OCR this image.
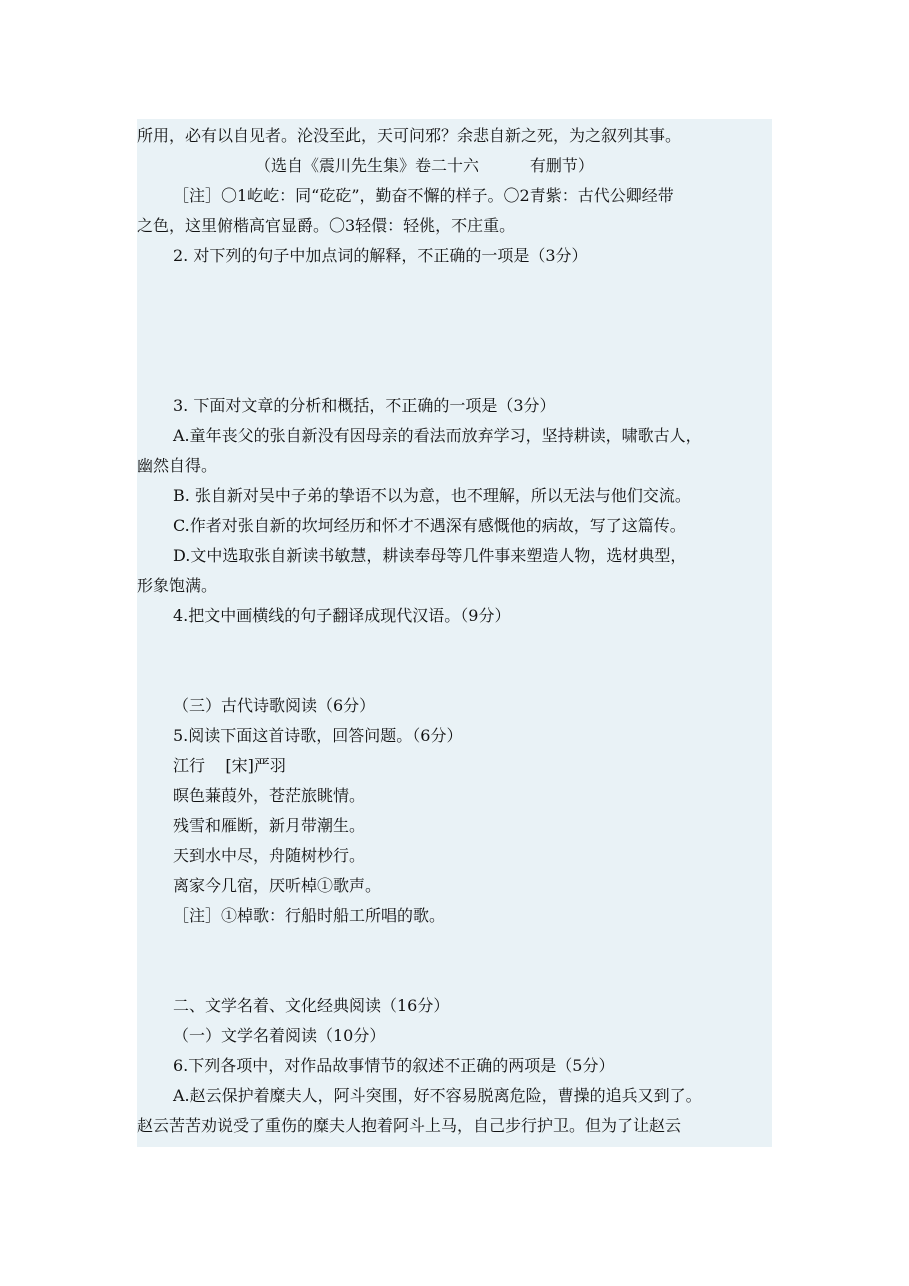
所用，必有以自见者。沦没至此，天可问邪？余悲自新之死，为之叙列其事。
（选自《震川先生集》卷二十六          有删节）
［注］〇1屹屹：同“矻矻”，勤奋不懈的样子。〇2青紫：古代公卿经带
之色，这里俯楷高官显爵。〇3轻儇：轻佻，不庄重。
2. 对下列的句子中加点词的解释，不正确的一项是（3分）

3. 下面对文章的分析和概括，不正确的一项是（3分）
A.童年丧父的张自新没有因母亲的看法而放弃学习，坚持耕读，啸歌古人，
幽然自得。
B. 张自新对吴中子弟的挚语不以为意，也不理解，所以无法与他们交流。
C.作者对张自新的坎坷经历和怀才不遇深有感慨他的病故，写了这篇传。
D.文中选取张自新读书敏慧，耕读奉母等几件事来塑造人物，选材典型，
形象饱满。
4.把文中画横线的句子翻译成现代汉语。（9分）

（三）古代诗歌阅读（6分）
5.阅读下面这首诗歌，回答问题。（6分）
江行    [宋]严羽
暝色蒹葭外，苍茫旅眺情。
残雪和雁断，新月带潮生。
天到水中尽，舟随树杪行。
离家今几宿，厌听棹①歌声。
［注］①棹歌：行船时船工所唱的歌。

二、文学名着、文化经典阅读（16分）
（一）文学名着阅读（10分）
6.下列各项中，对作品故事情节的叙述不正确的两项是（5分）
A.赵云保护着糜夫人，阿斗突围，好不容易脱离危险，曹操的追兵又到了。
赵云苦苦劝说受了重伤的糜夫人抱着阿斗上马，自己步行护卫。但为了让赵云
